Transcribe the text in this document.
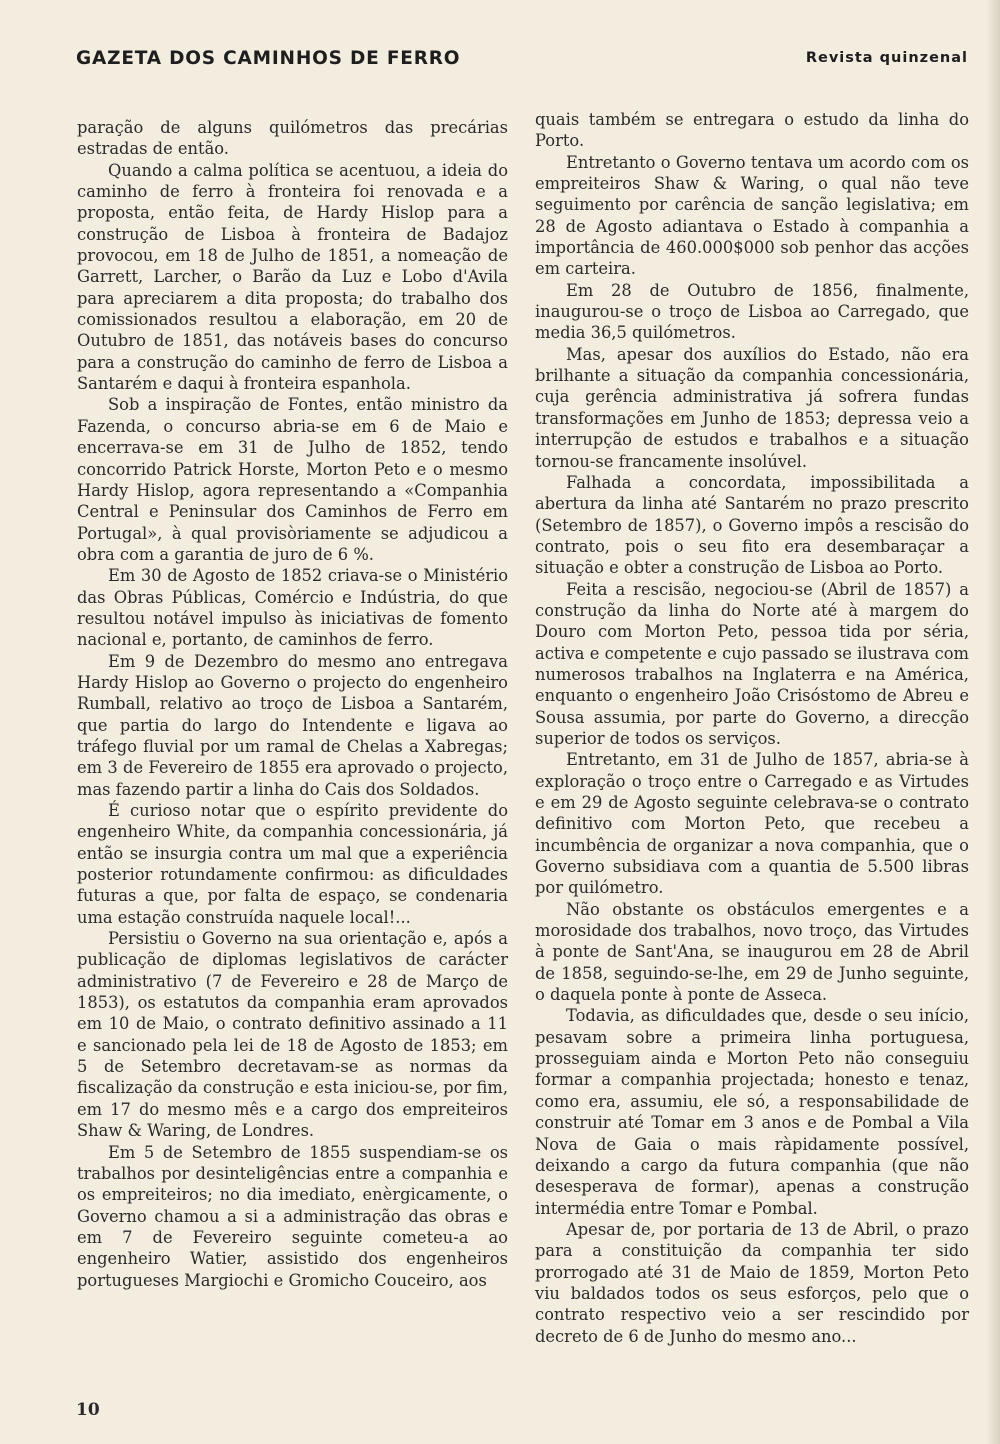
GAZETA DOS CAMINHOS DE FERRO	Revista quinzenal

paração de alguns quilómetros das precárias estradas de então.

Quando a calma política se acentuou, a ideia do caminho de ferro à fronteira foi renovada e a proposta, então feita, de Hardy Hislop para a construção de Lisboa à fronteira de Badajoz provocou, em 18 de Julho de 1851, a nomeação de Garrett, Larcher, o Barão da Luz e Lobo d'Avila para apreciarem a dita proposta; do trabalho dos comissionados resultou a elaboração, em 20 de Outubro de 1851, das notáveis bases do concurso para a construção do caminho de ferro de Lisboa a Santarém e daqui à fronteira espanhola.

Sob a inspiração de Fontes, então ministro da Fazenda, o concurso abria-se em 6 de Maio e encerrava-se em 31 de Julho de 1852, tendo concorrido Patrick Horste, Morton Peto e o mesmo Hardy Hislop, agora representando a «Companhia Central e Peninsular dos Caminhos de Ferro em Portugal», à qual provisòriamente se adjudicou a obra com a garantia de juro de 6 %.

Em 30 de Agosto de 1852 criava-se o Ministério das Obras Públicas, Comércio e Indústria, do que resultou notável impulso às iniciativas de fomento nacional e, portanto, de caminhos de ferro.

Em 9 de Dezembro do mesmo ano entregava Hardy Hislop ao Governo o projecto do engenheiro Rumball, relativo ao troço de Lisboa a Santarém, que partia do largo do Intendente e ligava ao tráfego fluvial por um ramal de Chelas a Xabregas; em 3 de Fevereiro de 1855 era aprovado o projecto, mas fazendo partir a linha do Cais dos Soldados.

É curioso notar que o espírito previdente do engenheiro White, da companhia concessionária, já então se insurgia contra um mal que a experiência posterior rotundamente confirmou: as dificuldades futuras a que, por falta de espaço, se condenaria uma estação construída naquele local!...

Persistiu o Governo na sua orientação e, após a publicação de diplomas legislativos de carácter administrativo (7 de Fevereiro e 28 de Março de 1853), os estatutos da companhia eram aprovados em 10 de Maio, o contrato definitivo assinado a 11 e sancionado pela lei de 18 de Agosto de 1853; em 5 de Setembro decretavam-se as normas da fiscalização da construção e esta iniciou-se, por fim, em 17 do mesmo mês e a cargo dos empreiteiros Shaw & Waring, de Londres.

Em 5 de Setembro de 1855 suspendiam-se os trabalhos por desinteligências entre a companhia e os empreiteiros; no dia imediato, enèrgicamente, o Governo chamou a si a administração das obras e em 7 de Fevereiro seguinte cometeu-a ao engenheiro Watier, assistido dos engenheiros portugueses Margiochi e Gromicho Couceiro, aos

quais também se entregara o estudo da linha do Porto.

Entretanto o Governo tentava um acordo com os empreiteiros Shaw & Waring, o qual não teve seguimento por carência de sanção legislativa; em 28 de Agosto adiantava o Estado à companhia a importância de 460.000$000 sob penhor das acções em carteira.

Em 28 de Outubro de 1856, finalmente, inaugurou-se o troço de Lisboa ao Carregado, que media 36,5 quilómetros.

Mas, apesar dos auxílios do Estado, não era brilhante a situação da companhia concessionária, cuja gerência administrativa já sofrera fundas transformações em Junho de 1853; depressa veio a interrupção de estudos e trabalhos e a situação tornou-se francamente insolúvel.

Falhada a concordata, impossibilitada a abertura da linha até Santarém no prazo prescrito (Setembro de 1857), o Governo impôs a rescisão do contrato, pois o seu fito era desembaraçar a situação e obter a construção de Lisboa ao Porto.

Feita a rescisão, negociou-se (Abril de 1857) a construção da linha do Norte até à margem do Douro com Morton Peto, pessoa tida por séria, activa e competente e cujo passado se ilustrava com numerosos trabalhos na Inglaterra e na América, enquanto o engenheiro João Crisóstomo de Abreu e Sousa assumia, por parte do Governo, a direcção superior de todos os serviços.

Entretanto, em 31 de Julho de 1857, abria-se à exploração o troço entre o Carregado e as Virtudes e em 29 de Agosto seguinte celebrava-se o contrato definitivo com Morton Peto, que recebeu a incumbência de organizar a nova companhia, que o Governo subsidiava com a quantia de 5.500 libras por quilómetro.

Não obstante os obstáculos emergentes e a morosidade dos trabalhos, novo troço, das Virtudes à ponte de Sant'Ana, se inaugurou em 28 de Abril de 1858, seguindo-se-lhe, em 29 de Junho seguinte, o daquela ponte à ponte de Asseca.

Todavia, as dificuldades que, desde o seu início, pesavam sobre a primeira linha portuguesa, prosseguiam ainda e Morton Peto não conseguiu formar a companhia projectada; honesto e tenaz, como era, assumiu, ele só, a responsabilidade de construir até Tomar em 3 anos e de Pombal a Vila Nova de Gaia o mais ràpidamente possível, deixando a cargo da futura companhia (que não desesperava de formar), apenas a construção intermédia entre Tomar e Pombal.

Apesar de, por portaria de 13 de Abril, o prazo para a constituição da companhia ter sido prorrogado até 31 de Maio de 1859, Morton Peto viu baldados todos os seus esforços, pelo que o contrato respectivo veio a ser rescindido por decreto de 6 de Junho do mesmo ano...

10
